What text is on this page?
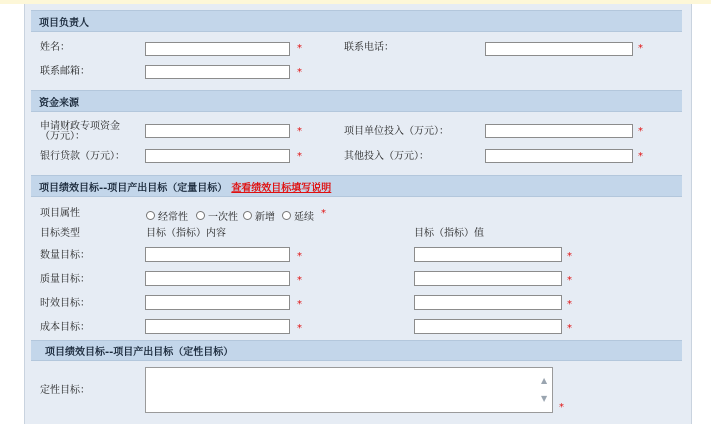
项目负责人
姓名：	*	联系电话：	*
联系邮箱：	*
资金来源
申请财政专项资金（万元）：	*	项目单位投入（万元）：	*
银行贷款（万元）：	*	其他投入（万元）：	*
项目绩效目标--项目产出目标（定量目标） 查看绩效目标填写说明
项目属性	经常性 一次性 新增 延续 *
目标类型	目标（指标）内容	目标（指标）值
数量目标：	*	*
质量目标：	*	*
时效目标：	*	*
成本目标：	*	*
项目绩效目标--项目产出目标（定性目标）
定性目标：
▲
▼
*
